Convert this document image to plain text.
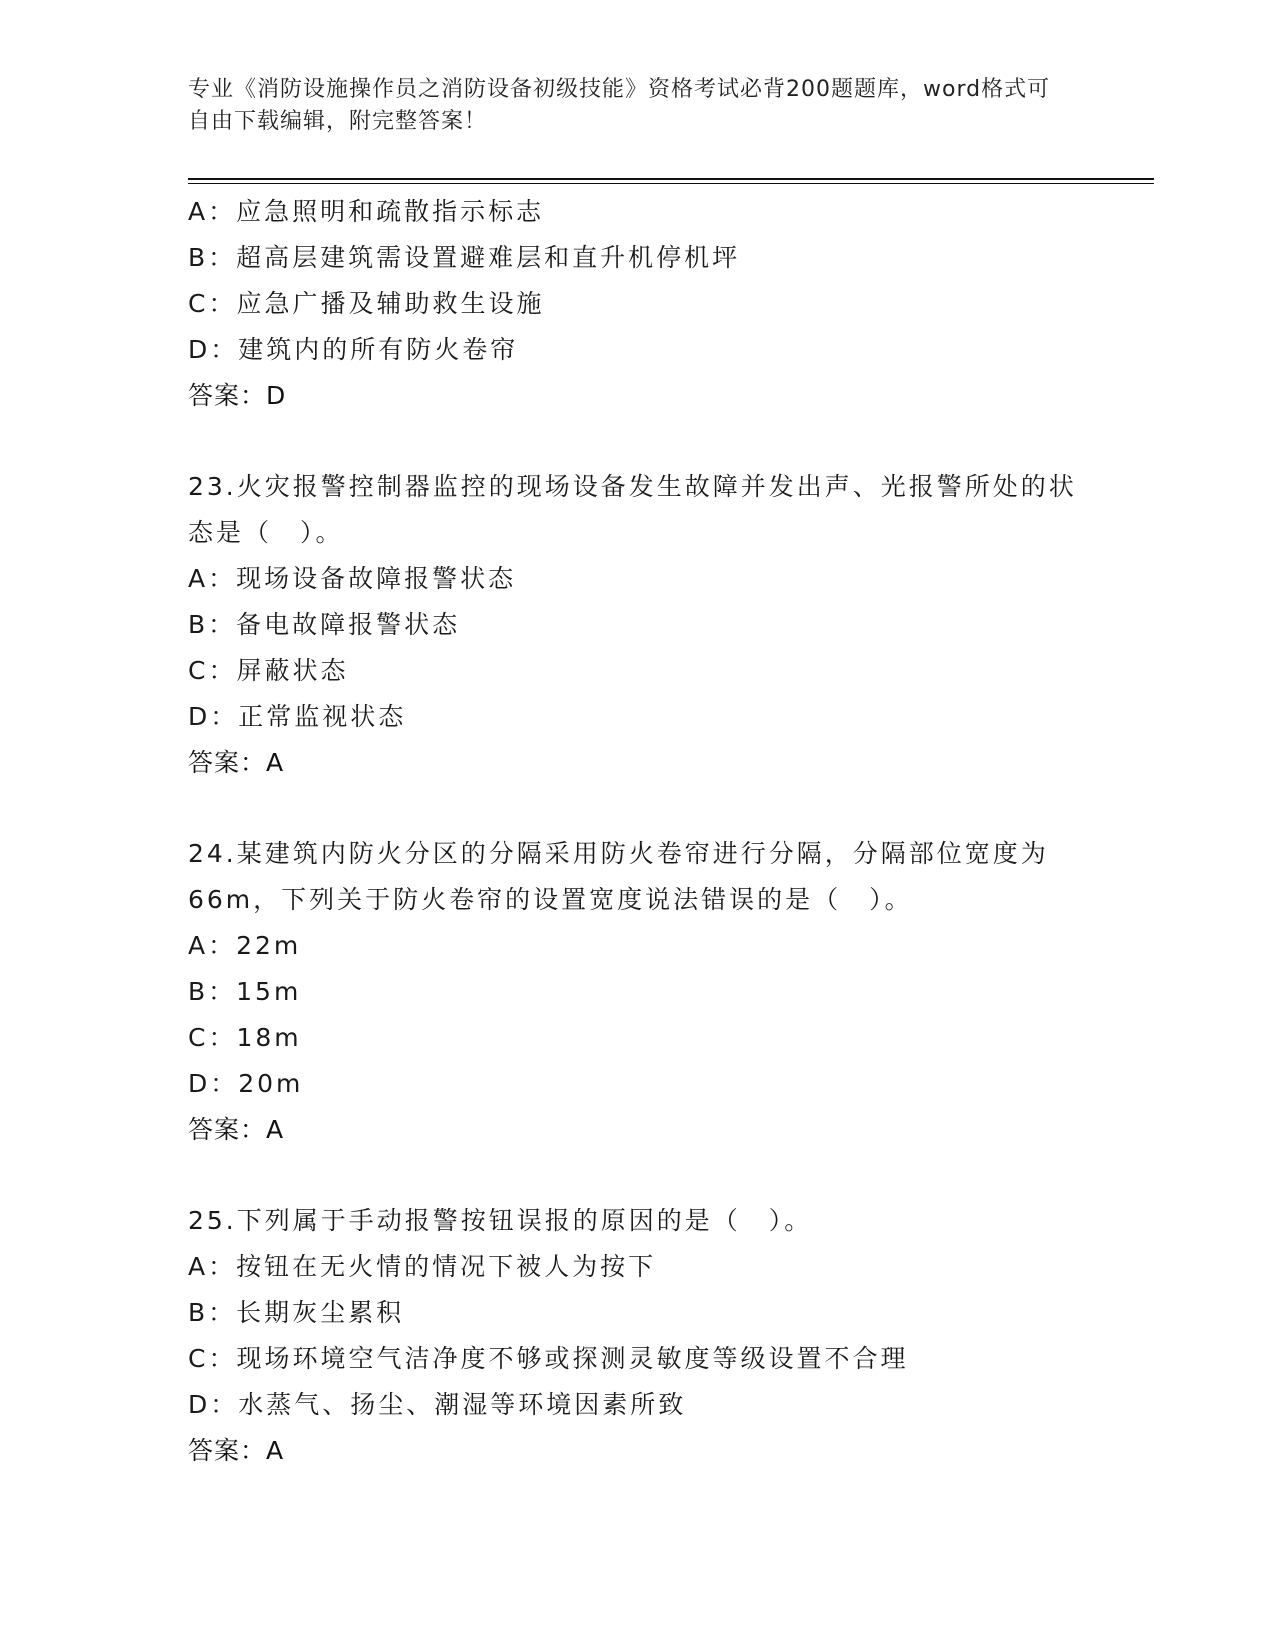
专业《消防设施操作员之消防设备初级技能》资格考试必背200题题库，word格式可自由下载编辑，附完整答案！
A：应急照明和疏散指示标志
B：超高层建筑需设置避难层和直升机停机坪
C：应急广播及辅助救生设施
D：建筑内的所有防火卷帘
答案：D
23.火灾报警控制器监控的现场设备发生故障并发出声、光报警所处的状态是（　）。
A：现场设备故障报警状态
B：备电故障报警状态
C：屏蔽状态
D：正常监视状态
答案：A
24.某建筑内防火分区的分隔采用防火卷帘进行分隔，分隔部位宽度为66m，下列关于防火卷帘的设置宽度说法错误的是（　）。
A：22m
B：15m
C：18m
D：20m
答案：A
25.下列属于手动报警按钮误报的原因的是（　）。
A：按钮在无火情的情况下被人为按下
B：长期灰尘累积
C：现场环境空气洁净度不够或探测灵敏度等级设置不合理
D：水蒸气、扬尘、潮湿等环境因素所致
答案：A
